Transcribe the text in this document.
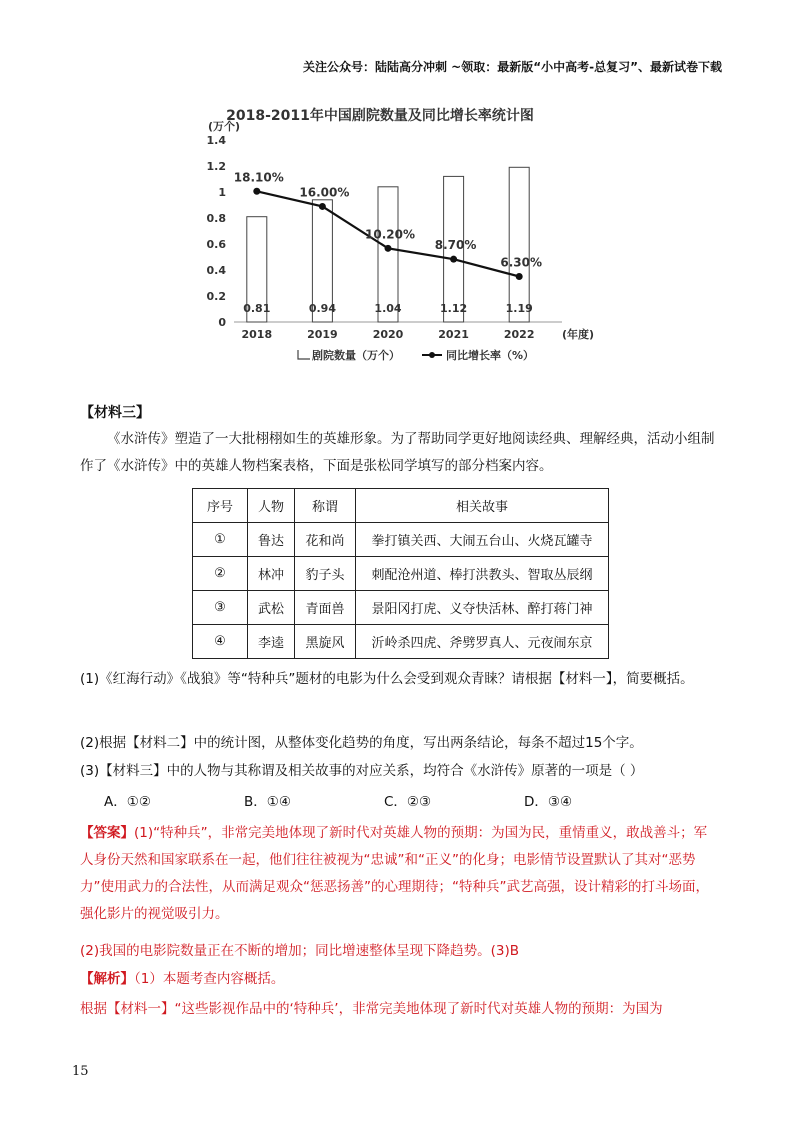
关注公众号：陆陆高分冲刺 ~领取：最新版“小中高考-总复习”、最新试卷下载
2018-2011年中国剧院数量及同比增长率统计图
(万个)
0
0.2
0.4
0.6
0.8
1
1.2
1.4
0.81	0.94	1.04	1.12	1.19
18.10%
16.00%
10.20%
8.70%
6.30%
2018	2019	2020	2021	2022 (年度)
剧院数量（万个）	同比增长率（%）
【材料三】
《水浒传》塑造了一大批栩栩如生的英雄形象。为了帮助同学更好地阅读经典、理解经典，活动小组制作了《水浒传》中的英雄人物档案表格，下面是张松同学填写的部分档案内容。
序号	人物	称谓	相关故事
①	鲁达	花和尚	拳打镇关西、大闹五台山、火烧瓦罐寺
②	林冲	豹子头	刺配沧州道、棒打洪教头、智取丛辰纲
③	武松	青面兽	景阳冈打虎、义夺快活林、醉打蒋门神
④	李逵	黑旋风	沂岭杀四虎、斧劈罗真人、元夜闹东京
(1)《红海行动》《战狼》等“特种兵”题材的电影为什么会受到观众青睐？请根据【材料一】，简要概括。
(2)根据【材料二】中的统计图，从整体变化趋势的角度，写出两条结论，每条不超过15个字。
(3)【材料三】中的人物与其称谓及相关故事的对应关系，均符合《水浒传》原著的一项是（ ）
A．①②	B．①④	C．②③	D．③④
【答案】(1)“特种兵”，非常完美地体现了新时代对英雄人物的预期：为国为民，重情重义，敢战善斗；军人身份天然和国家联系在一起，他们往往被视为“忠诚”和“正义”的化身；电影情节设置默认了其对“恶势力”使用武力的合法性，从而满足观众“惩恶扬善”的心理期待；“特种兵”武艺高强，设计精彩的打斗场面，强化影片的视觉吸引力。
(2)我国的电影院数量正在不断的增加；同比增速整体呈现下降趋势。(3)B
【解析】（1）本题考查内容概括。
根据【材料一】“这些影视作品中的‘特种兵’，非常完美地体现了新时代对英雄人物的预期：为国为
15
